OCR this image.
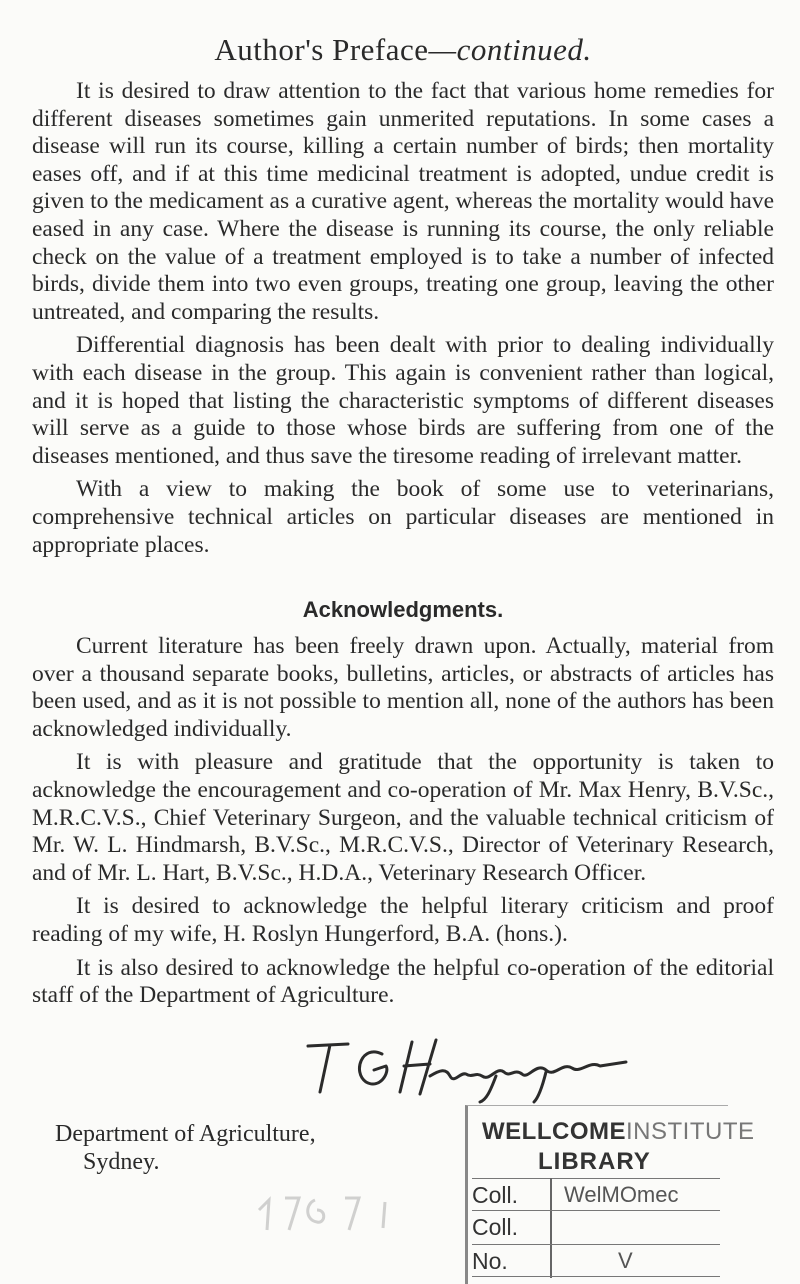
Author's Preface—continued.

It is desired to draw attention to the fact that various home remedies for different diseases sometimes gain unmerited reputations. In some cases a disease will run its course, killing a certain number of birds; then mortality eases off, and if at this time medicinal treatment is adopted, undue credit is given to the medicament as a curative agent, whereas the mortality would have eased in any case. Where the disease is running its course, the only reliable check on the value of a treatment employed is to take a number of infected birds, divide them into two even groups, treating one group, leaving the other untreated, and comparing the results.

Differential diagnosis has been dealt with prior to dealing individually with each disease in the group. This again is convenient rather than logical, and it is hoped that listing the characteristic symptoms of different diseases will serve as a guide to those whose birds are suffering from one of the diseases mentioned, and thus save the tiresome reading of irrelevant matter.

With a view to making the book of some use to veterinarians, comprehensive technical articles on particular diseases are mentioned in appropriate places.

Acknowledgments.

Current literature has been freely drawn upon. Actually, material from over a thousand separate books, bulletins, articles, or abstracts of articles has been used, and as it is not possible to mention all, none of the authors has been acknowledged individually.

It is with pleasure and gratitude that the opportunity is taken to acknowledge the encouragement and co-operation of Mr. Max Henry, B.V.Sc., M.R.C.V.S., Chief Veterinary Surgeon, and the valuable technical criticism of Mr. W. L. Hindmarsh, B.V.Sc., M.R.C.V.S., Director of Veterinary Research, and of Mr. L. Hart, B.V.Sc., H.D.A., Veterinary Research Officer.

It is desired to acknowledge the helpful literary criticism and proof reading of my wife, H. Roslyn Hungerford, B.A. (hons.).

It is also desired to acknowledge the helpful co-operation of the editorial staff of the Department of Agriculture.

Department of Agriculture,
Sydney.
WELLCOMEINSTITUTE
LIBRARY
Coll. WelMOmec
Coll.
No.	V
